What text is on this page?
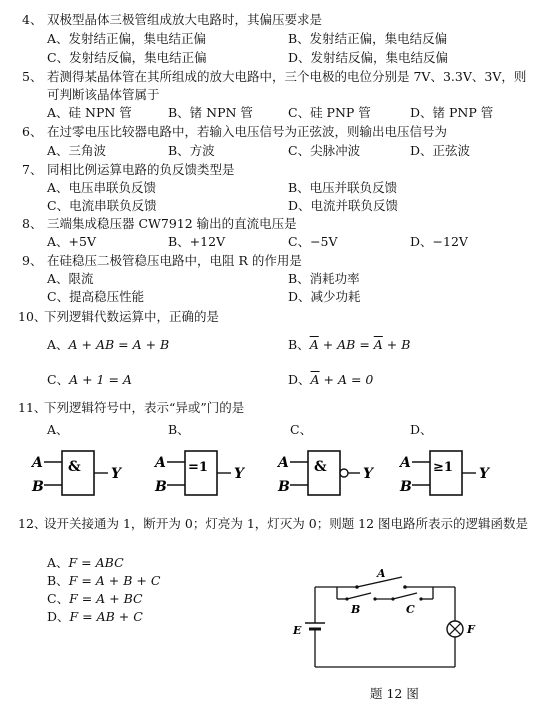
4、 双极型晶体三极管组成放大电路时，其偏压要求是
A、发射结正偏，集电结正偏	B、发射结正偏，集电结反偏
C、发射结反偏，集电结正偏	D、发射结反偏，集电结反偏
5、 若测得某晶体管在其所组成的放大电路中，三个电极的电位分别是 7V、3.3V、3V，则
可判断该晶体管属于
A、硅 NPN 管	B、锗 NPN 管	C、硅 PNP 管	D、锗 PNP 管
6、 在过零电压比较器电路中，若输入电压信号为正弦波，则输出电压信号为
A、三角波	B、方波	C、尖脉冲波	D、正弦波
7、 同相比例运算电路的负反馈类型是
A、电压串联负反馈	B、电压并联负反馈
C、电流串联负反馈	D、电流并联负反馈
8、 三端集成稳压器 CW7912 输出的直流电压是
A、+5V	B、+12V	C、−5V	D、−12V
9、 在硅稳压二极管稳压电路中，电阻 R 的作用是
A、限流	B、消耗功率
C、提高稳压性能	D、减少功耗
10、
下列逻辑代数运算中，正确的是
A、A + AB = A + B	B、$\overline{A}$ + AB = $\overline{A} + B$
C、A + 1 = A	D、$\overline{A} + A = 0$
11、
下列逻辑符号中，表示“异或”门的是
A、	B、	C、	D、
A
B
& Y
A
B
=1 Y
A
B
&	Y
A
B
≥1 Y
12、
设开关接通为 1，断开为 0；灯亮为 1，灯灭为 0；则题 12 图电路所表示的逻辑函数是
A、F = ABC
B、F = A + B + C
C、F = A + BC
D、F = AB + C
A
B	C
E	F
题 12 图
